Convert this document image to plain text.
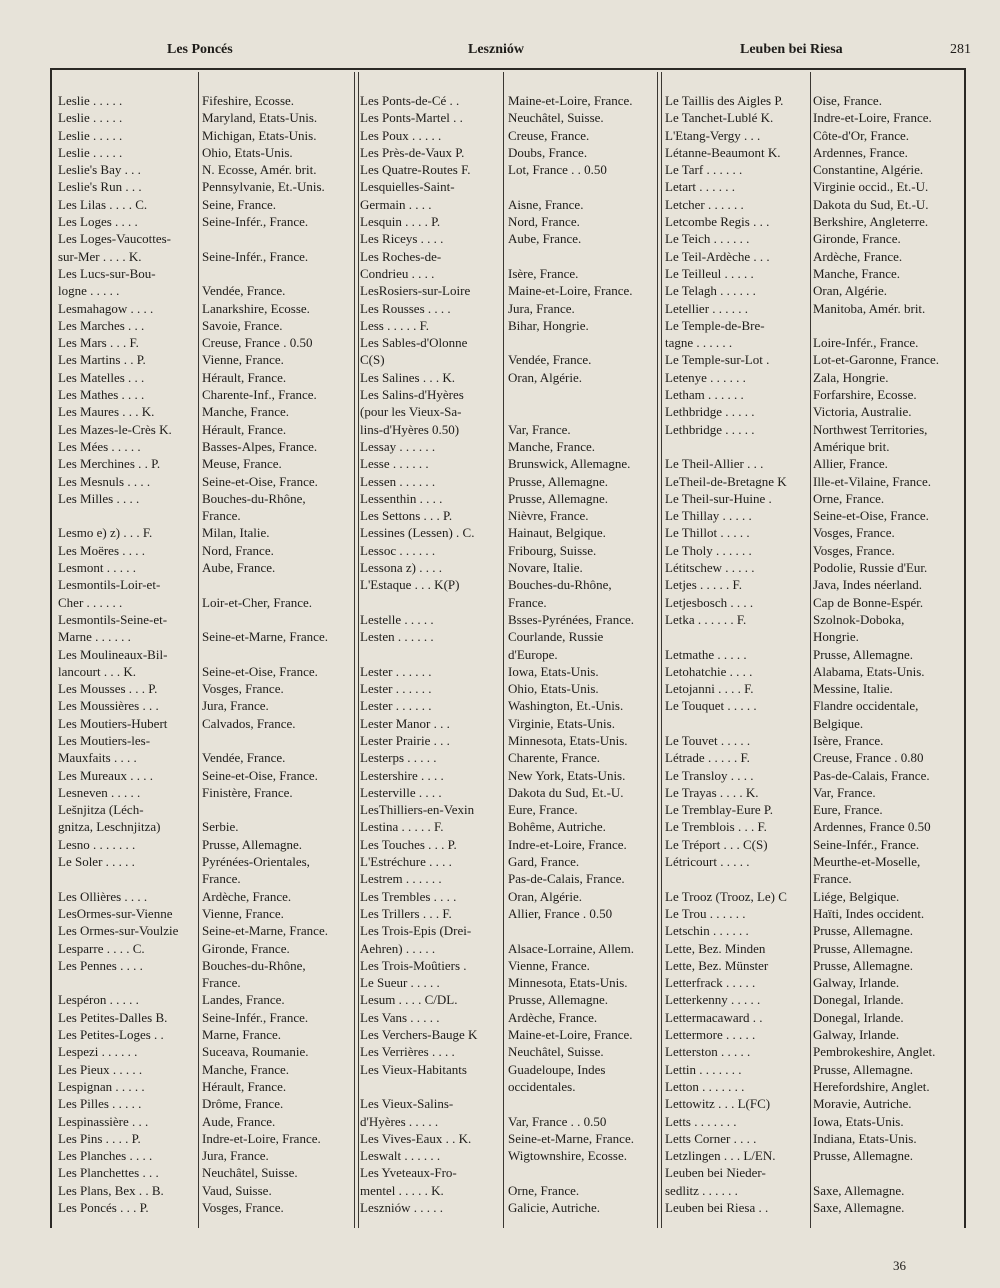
Les Poncés	Leszniów	Leuben bei Riesa	281
Leslie . . . . .	Fifeshire, Ecosse.
Leslie . . . . .	Maryland, Etats-Unis.
Leslie . . . . .	Michigan, Etats-Unis.
Leslie . . . . .	Ohio, Etats-Unis.
Leslie's Bay . . .	N. Ecosse, Amér. brit.
Leslie's Run . . .	Pennsylvanie, Et.-Unis.
Les Lilas . . . . C.	Seine, France.
Les Loges . . . .	Seine-Infér., France.
Les Loges-Vaucottes-
sur-Mer . . . . K.	Seine-Infér., France.
Les Lucs-sur-Bou-
logne . . . . .	Vendée, France.
Lesmahagow . . . .	Lanarkshire, Ecosse.
Les Marches . . .	Savoie, France.
Les Mars . . . F.	Creuse, France . 0.50
Les Martins . . P.	Vienne, France.
Les Matelles . . .	Hérault, France.
Les Mathes . . . .	Charente-Inf., France.
Les Maures . . . K.	Manche, France.
Les Mazes-le-Crès K.	Hérault, France.
Les Mées . . . . .	Basses-Alpes, France.
Les Merchines . . P.	Meuse, France.
Les Mesnuls . . . .	Seine-et-Oise, France.
Les Milles . . . .	Bouches-du-Rhône,
France.
Lesmo e) z) . . . F.	Milan, Italie.
Les Moëres . . . .	Nord, France.
Lesmont . . . . .	Aube, France.
Lesmontils-Loir-et-
Cher . . . . . .	Loir-et-Cher, France.
Lesmontils-Seine-et-
Marne . . . . . .	Seine-et-Marne, France.
Les Moulineaux-Bil-
lancourt . . . K.	Seine-et-Oise, France.
Les Mousses . . . P.	Vosges, France.
Les Moussières . . .	Jura, France.
Les Moutiers-Hubert	Calvados, France.
Les Moutiers-les-
Mauxfaits . . . .	Vendée, France.
Les Mureaux . . . .	Seine-et-Oise, France.
Lesneven . . . . .	Finistère, France.
Lešnjitza (Léch-
gnitza, Leschnjitza)	Serbie.
Lesno . . . . . . .	Prusse, Allemagne.
Le Soler . . . . .	Pyrénées-Orientales,
France.
Les Ollières . . . .	Ardèche, France.
LesOrmes-sur-Vienne	Vienne, France.
Les Ormes-sur-Voulzie	Seine-et-Marne, France.
Lesparre . . . . C.	Gironde, France.
Les Pennes . . . .	Bouches-du-Rhône,
France.
Lespéron . . . . .	Landes, France.
Les Petites-Dalles B.	Seine-Infér., France.
Les Petites-Loges . .	Marne, France.
Lespezi . . . . . .	Suceava, Roumanie.
Les Pieux . . . . .	Manche, France.
Lespignan . . . . .	Hérault, France.
Les Pilles . . . . .	Drôme, France.
Lespinassière . . .	Aude, France.
Les Pins . . . . P.	Indre-et-Loire, France.
Les Planches . . . .	Jura, France.
Les Planchettes . . .	Neuchâtel, Suisse.
Les Plans, Bex . . B.	Vaud, Suisse.
Les Poncés . . . P.	Vosges, France.
Les Ponts-de-Cé . .	Maine-et-Loire, France.
Les Ponts-Martel . .	Neuchâtel, Suisse.
Les Poux . . . . .	Creuse, France.
Les Près-de-Vaux P.	Doubs, France.
Les Quatre-Routes F.	Lot, France . . 0.50
Lesquielles-Saint-
Germain . . . .	Aisne, France.
Lesquin . . . . P.	Nord, France.
Les Riceys . . . .	Aube, France.
Les Roches-de-
Condrieu . . . .	Isère, France.
LesRosiers-sur-Loire	Maine-et-Loire, France.
Les Rousses . . . .	Jura, France.
Less . . . . . F.	Bihar, Hongrie.
Les Sables-d'Olonne
C(S)	Vendée, France.
Les Salines . . . K.	Oran, Algérie.
Les Salins-d'Hyères
(pour les Vieux-Sa-
lins-d'Hyères 0.50)	Var, France.
Lessay . . . . . .	Manche, France.
Lesse . . . . . .	Brunswick, Allemagne.
Lessen . . . . . .	Prusse, Allemagne.
Lessenthin . . . .	Prusse, Allemagne.
Les Settons . . . P.	Nièvre, France.
Lessines (Lessen) . C.	Hainaut, Belgique.
Lessoc . . . . . .	Fribourg, Suisse.
Lessona z) . . . .	Novare, Italie.
L'Estaque . . . K(P)	Bouches-du-Rhône,
France.
Lestelle . . . . .	Bsses-Pyrénées, France.
Lesten . . . . . .	Courlande, Russie
d'Europe.
Lester . . . . . .	Iowa, Etats-Unis.
Lester . . . . . .	Ohio, Etats-Unis.
Lester . . . . . .	Washington, Et.-Unis.
Lester Manor . . .	Virginie, Etats-Unis.
Lester Prairie . . .	Minnesota, Etats-Unis.
Lesterps . . . . .	Charente, France.
Lestershire . . . .	New York, Etats-Unis.
Lesterville . . . .	Dakota du Sud, Et.-U.
LesThilliers-en-Vexin	Eure, France.
Lestina . . . . . F.	Bohême, Autriche.
Les Touches . . . P.	Indre-et-Loire, France.
L'Estréchure . . . .	Gard, France.
Lestrem . . . . . .	Pas-de-Calais, France.
Les Trembles . . . .	Oran, Algérie.
Les Trillers . . . F.	Allier, France . 0.50
Les Trois-Epis (Drei-
Aehren) . . . . .	Alsace-Lorraine, Allem.
Les Trois-Moûtiers .	Vienne, France.
Le Sueur . . . . .	Minnesota, Etats-Unis.
Lesum . . . . C/DL.	Prusse, Allemagne.
Les Vans . . . . .	Ardèche, France.
Les Verchers-Bauge K	Maine-et-Loire, France.
Les Verrières . . . .	Neuchâtel, Suisse.
Les Vieux-Habitants	Guadeloupe, Indes
occidentales.
Les Vieux-Salins-
d'Hyères . . . . .	Var, France . . 0.50
Les Vives-Eaux . . K.	Seine-et-Marne, France.
Leswalt . . . . . .	Wigtownshire, Ecosse.
Les Yveteaux-Fro-
mentel . . . . . K.	Orne, France.
Leszniów . . . . .	Galicie, Autriche.
Le Taillis des Aigles P.	Oise, France.
Le Tanchet-Lublé K.	Indre-et-Loire, France.
L'Etang-Vergy . . .	Côte-d'Or, France.
Létanne-Beaumont K.	Ardennes, France.
Le Tarf . . . . . .	Constantine, Algérie.
Letart . . . . . .	Virginie occid., Et.-U.
Letcher . . . . . .	Dakota du Sud, Et.-U.
Letcombe Regis . . .	Berkshire, Angleterre.
Le Teich . . . . . .	Gironde, France.
Le Teil-Ardèche . . .	Ardèche, France.
Le Teilleul . . . . .	Manche, France.
Le Telagh . . . . . .	Oran, Algérie.
Letellier . . . . . .	Manitoba, Amér. brit.
Le Temple-de-Bre-
tagne . . . . . .	Loire-Infér., France.
Le Temple-sur-Lot .	Lot-et-Garonne, France.
Letenye . . . . . .	Zala, Hongrie.
Letham . . . . . .	Forfarshire, Ecosse.
Lethbridge . . . . .	Victoria, Australie.
Lethbridge . . . . .	Northwest Territories,
Amérique brit.
Le Theil-Allier . . .	Allier, France.
LeTheil-de-Bretagne K	Ille-et-Vilaine, France.
Le Theil-sur-Huine .	Orne, France.
Le Thillay . . . . .	Seine-et-Oise, France.
Le Thillot . . . . .	Vosges, France.
Le Tholy . . . . . .	Vosges, France.
Létitschew . . . . .	Podolie, Russie d'Eur.
Letjes . . . . . F.	Java, Indes néerland.
Letjesbosch . . . .	Cap de Bonne-Espér.
Letka . . . . . . F.	Szolnok-Doboka,
Hongrie.
Letmathe . . . . .	Prusse, Allemagne.
Letohatchie . . . .	Alabama, Etats-Unis.
Letojanni . . . . F.	Messine, Italie.
Le Touquet . . . . .	Flandre occidentale,
Belgique.
Le Touvet . . . . .	Isère, France.
Létrade . . . . . F.	Creuse, France . 0.80
Le Transloy . . . .	Pas-de-Calais, France.
Le Trayas . . . . K.	Var, France.
Le Tremblay-Eure P.	Eure, France.
Le Tremblois . . . F.	Ardennes, France 0.50
Le Tréport . . . C(S)	Seine-Infér., France.
Létricourt . . . . .	Meurthe-et-Moselle,
France.
Le Trooz (Trooz, Le) C	Liége, Belgique.
Le Trou . . . . . .	Haïti, Indes occident.
Letschin . . . . . .	Prusse, Allemagne.
Lette, Bez. Minden	Prusse, Allemagne.
Lette, Bez. Münster	Prusse, Allemagne.
Letterfrack . . . . .	Galway, Irlande.
Letterkenny . . . . .	Donegal, Irlande.
Lettermacaward . .	Donegal, Irlande.
Lettermore . . . . .	Galway, Irlande.
Letterston . . . . .	Pembrokeshire, Anglet.
Lettin . . . . . . .	Prusse, Allemagne.
Letton . . . . . . .	Herefordshire, Anglet.
Lettowitz . . . L(FC)	Moravie, Autriche.
Letts . . . . . . .	Iowa, Etats-Unis.
Letts Corner . . . .	Indiana, Etats-Unis.
Letzlingen . . . L/EN.	Prusse, Allemagne.
Leuben bei Nieder-
sedlitz . . . . . .	Saxe, Allemagne.
Leuben bei Riesa . .	Saxe, Allemagne.
36
